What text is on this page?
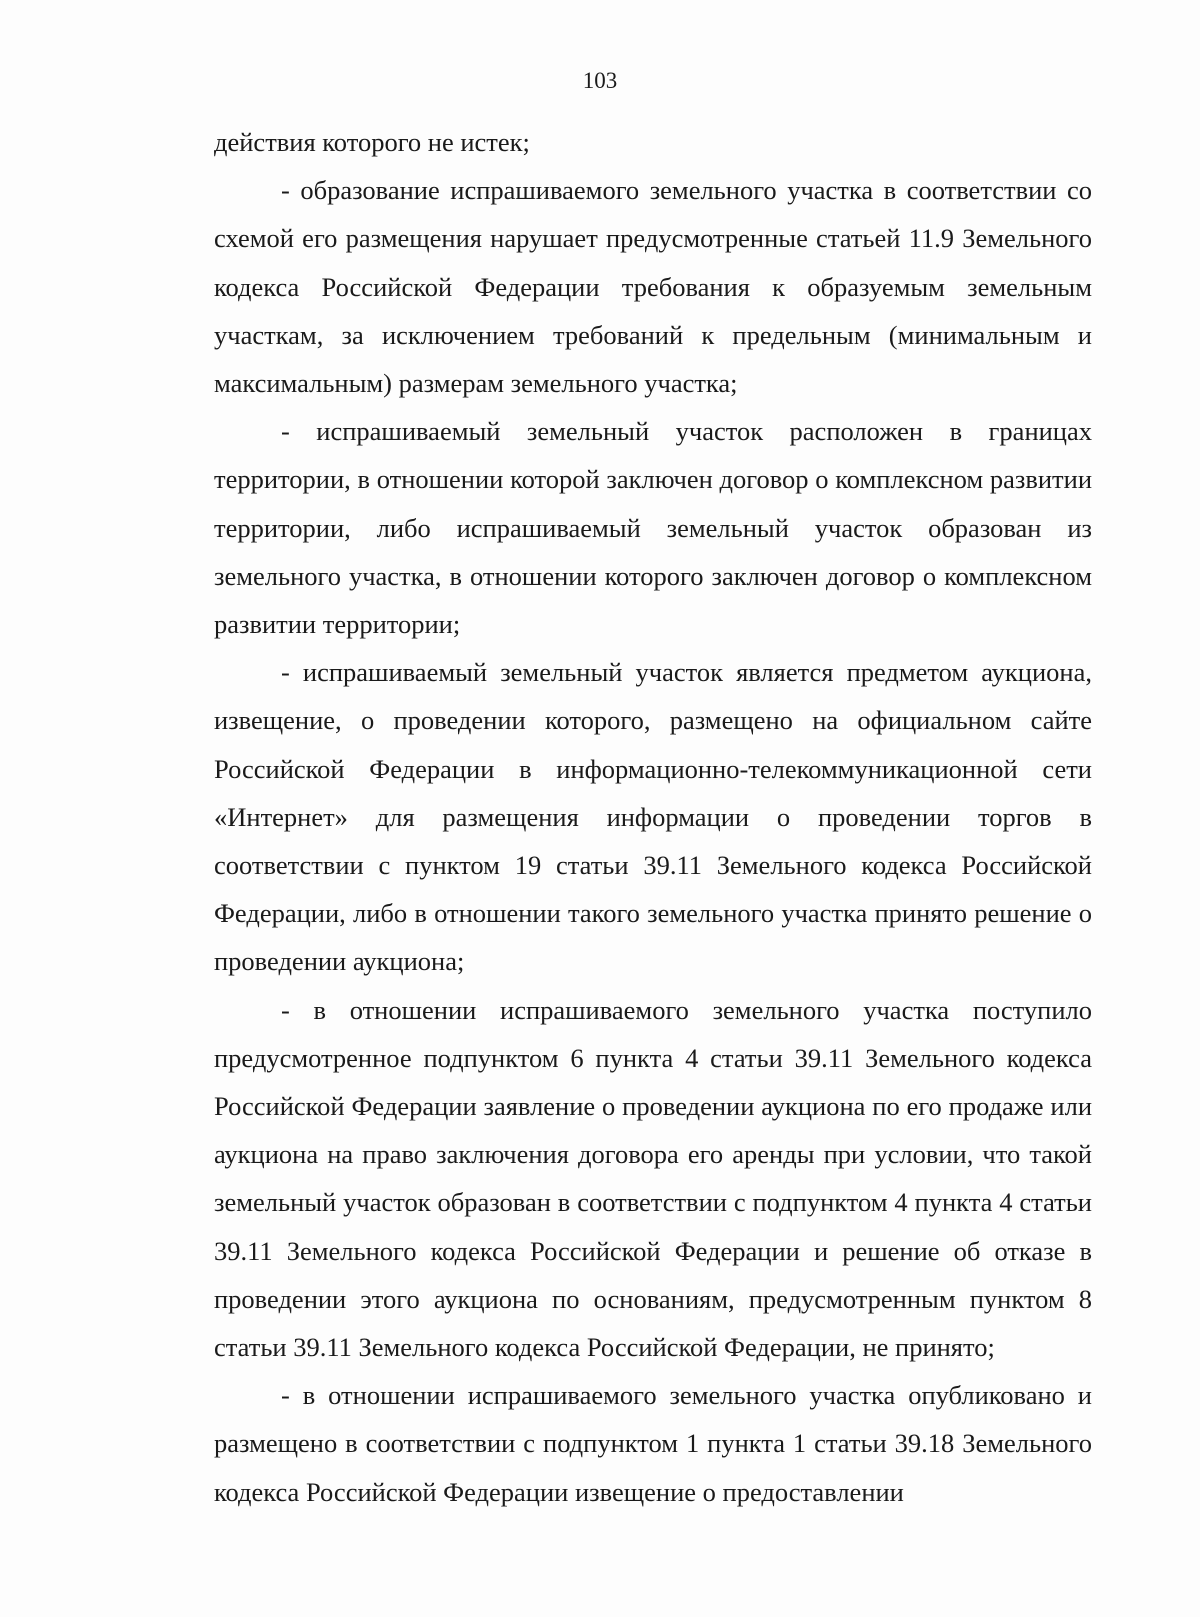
103

действия которого не истек;

- образование испрашиваемого земельного участка в соответствии со схемой его размещения нарушает предусмотренные статьей 11.9 Земельного кодекса Российской Федерации требования к образуемым земельным участкам, за исключением требований к предельным (минимальным и максимальным) размерам земельного участка;

- испрашиваемый земельный участок расположен в границах территории, в отношении которой заключен договор о комплексном развитии территории, либо испрашиваемый земельный участок образован из земельного участка, в отношении которого заключен договор о комплексном развитии территории;

- испрашиваемый земельный участок является предметом аукциона, извещение, о проведении которого, размещено на официальном сайте Российской Федерации в информационно-телекоммуникационной сети «Интернет» для размещения информации о проведении торгов в соответствии с пунктом 19 статьи 39.11 Земельного кодекса Российской Федерации, либо в отношении такого земельного участка принято решение о проведении аукциона;

- в отношении испрашиваемого земельного участка поступило предусмотренное подпунктом 6 пункта 4 статьи 39.11 Земельного кодекса Российской Федерации заявление о проведении аукциона по его продаже или аукциона на право заключения договора его аренды при условии, что такой земельный участок образован в соответствии с подпунктом 4 пункта 4 статьи 39.11 Земельного кодекса Российской Федерации и решение об отказе в проведении этого аукциона по основаниям, предусмотренным пунктом 8 статьи 39.11 Земельного кодекса Российской Федерации, не принято;

- в отношении испрашиваемого земельного участка опубликовано и размещено в соответствии с подпунктом 1 пункта 1 статьи 39.18 Земельного кодекса Российской Федерации извещение о предоставлении
